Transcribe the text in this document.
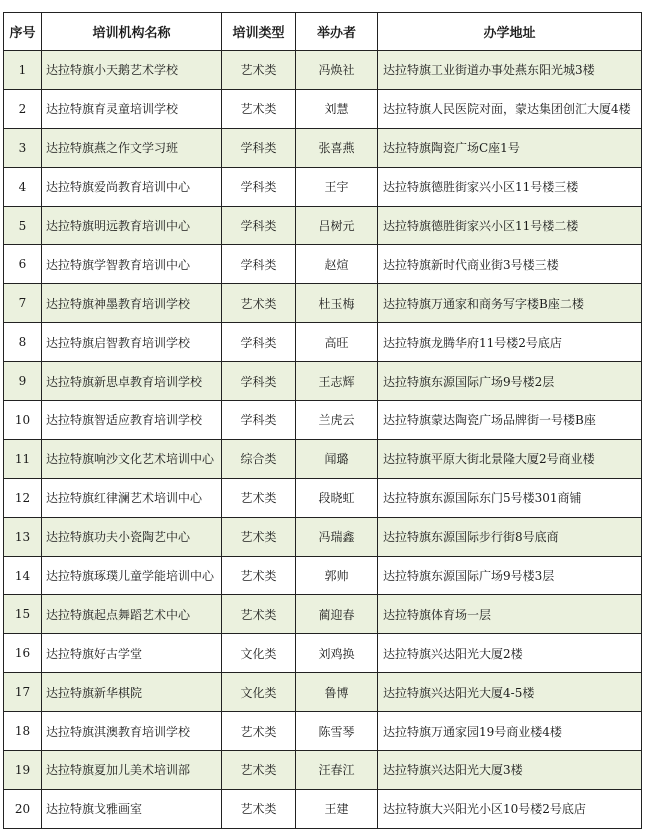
序号	培训机构名称	培训类型	举办者	办学地址
1	达拉特旗小天鹅艺术学校	艺术类	冯焕社	达拉特旗工业街道办事处燕东阳光城3楼
2	达拉特旗育灵童培训学校	艺术类	刘慧	达拉特旗人民医院对面，蒙达集团创汇大厦4楼
3	达拉特旗燕之作文学习班	学科类	张喜燕	达拉特旗陶瓷广场C座1号
4	达拉特旗爱尚教育培训中心	学科类	王宇	达拉特旗德胜街家兴小区11号楼三楼
5	达拉特旗明远教育培训中心	学科类	吕树元	达拉特旗德胜街家兴小区11号楼二楼
6	达拉特旗学智教育培训中心	学科类	赵煊	达拉特旗新时代商业街3号楼三楼
7	达拉特旗神墨教育培训学校	艺术类	杜玉梅	达拉特旗万通家和商务写字楼B座二楼
8	达拉特旗启智教育培训学校	学科类	高旺	达拉特旗龙腾华府11号楼2号底店
9	达拉特旗新思卓教育培训学校	学科类	王志辉	达拉特旗东源国际广场9号楼2层
10	达拉特旗智适应教育培训学校	学科类	兰虎云	达拉特旗蒙达陶瓷广场品牌街一号楼B座
11	达拉特旗响沙文化艺术培训中心	综合类	闻璐	达拉特旗平原大街北景隆大厦2号商业楼
12	达拉特旗红律澜艺术培训中心	艺术类	段晓虹	达拉特旗东源国际东门5号楼301商铺
13	达拉特旗功夫小瓷陶艺中心	艺术类	冯瑞鑫	达拉特旗东源国际步行街8号底商
14	达拉特旗琢璞儿童学能培训中心	艺术类	郭帅	达拉特旗东源国际广场9号楼3层
15	达拉特旗起点舞蹈艺术中心	艺术类	蔺迎春	达拉特旗体育场一层
16	达拉特旗好古学堂	文化类	刘鸡换	达拉特旗兴达阳光大厦2楼
17	达拉特旗新华棋院	文化类	鲁博	达拉特旗兴达阳光大厦4-5楼
18	达拉特旗淇澳教育培训学校	艺术类	陈雪琴	达拉特旗万通家园19号商业楼4楼
19	达拉特旗夏加儿美术培训部	艺术类	汪春江	达拉特旗兴达阳光大厦3楼
20	达拉特旗戈雅画室	艺术类	王建	达拉特旗大兴阳光小区10号楼2号底店
